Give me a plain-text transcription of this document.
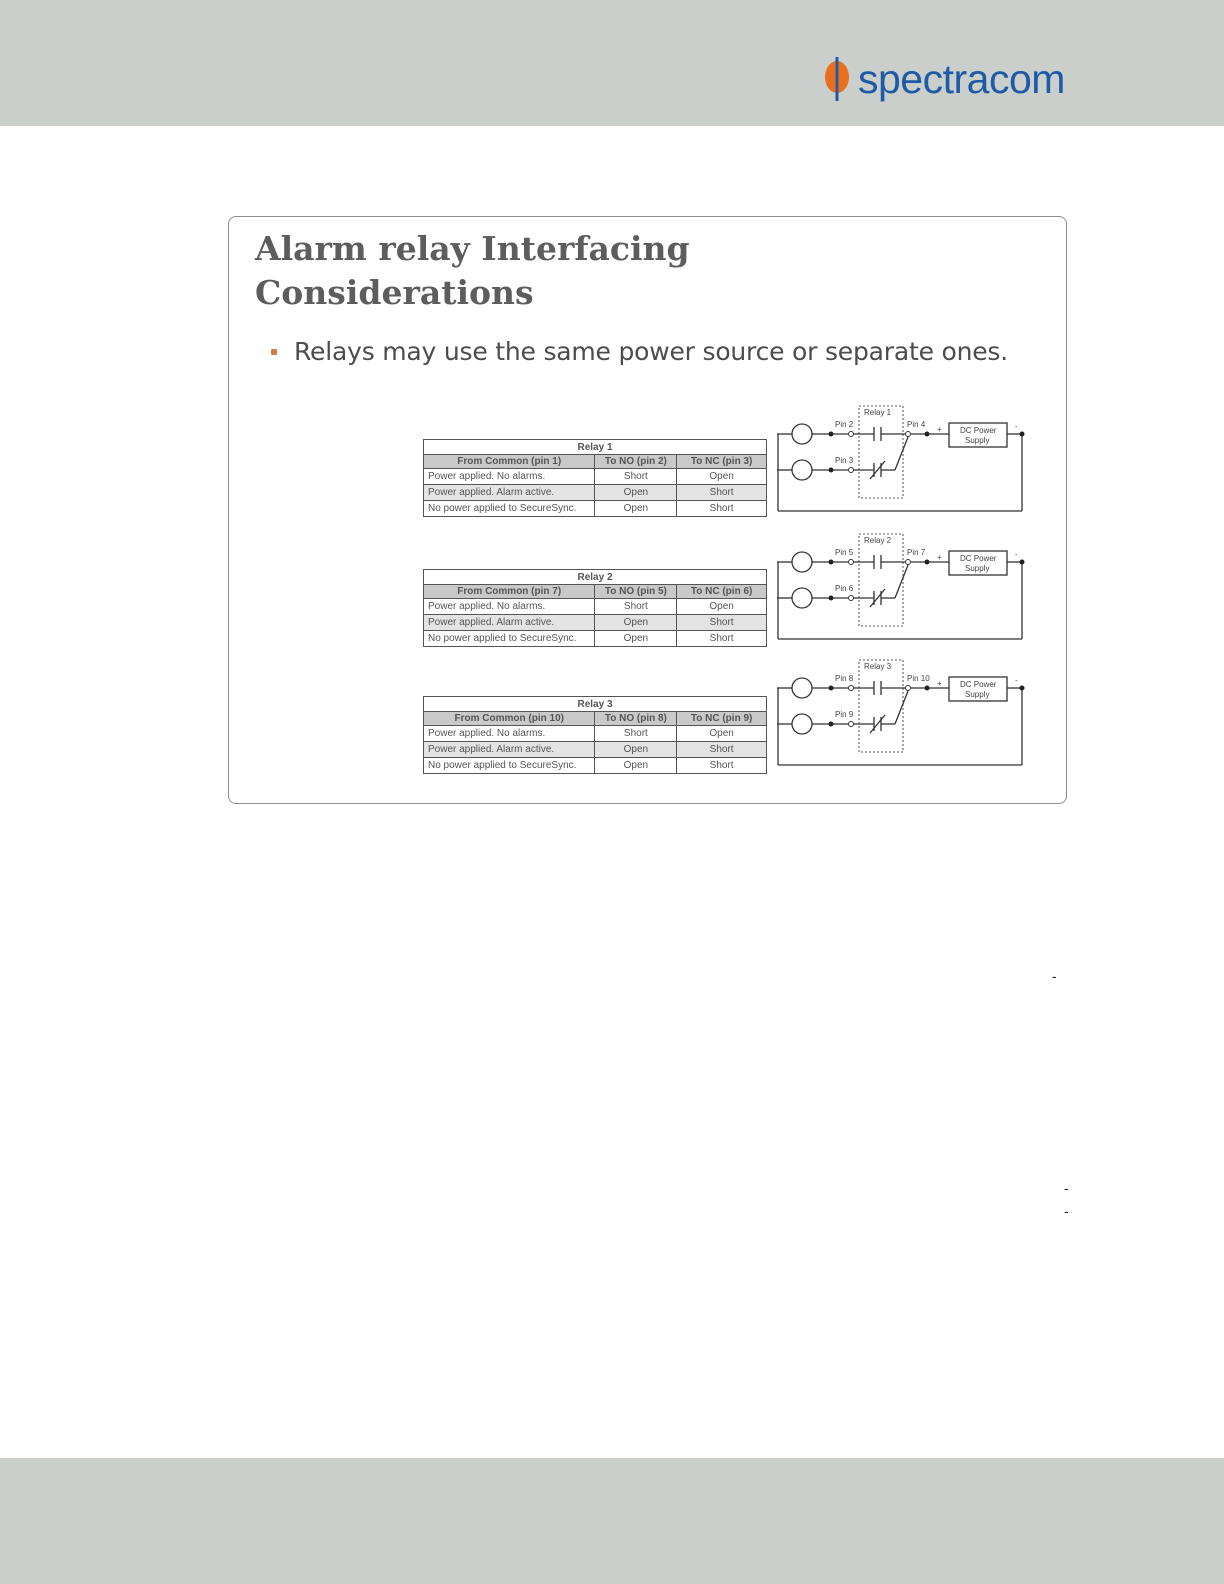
spectracom
Alarm relay Interfacing
Considerations
Relays may use the same power source or separate ones.
Relay 1		
From Common (pin 1)	To NO (pin 2)	To NC (pin 3)
Power applied. No alarms.	Short	Open
Power applied. Alarm active.	Open	Short
No power applied to SecureSync.	Open	Short
Relay 2		
From Common (pin 7)	To NO (pin 5)	To NC (pin 6)
Power applied. No alarms.	Short	Open
Power applied. Alarm active.	Open	Short
No power applied to SecureSync.	Open	Short
Relay 3		
From Common (pin 10)	To NO (pin 8)	To NC (pin 9)
Power applied. No alarms.	Short	Open
Power applied. Alarm active.	Open	Short
No power applied to SecureSync.	Open	Short
Relay 1
Pin 2
Pin 3
Pin 4
+	-
DC Power
Supply
Relay 2
Pin 5
Pin 6
Pin 7
+	-
DC Power
Supply
Relay 3
Pin 8
Pin 9
Pin 10
+	-
DC Power
Supply
-
-
-
